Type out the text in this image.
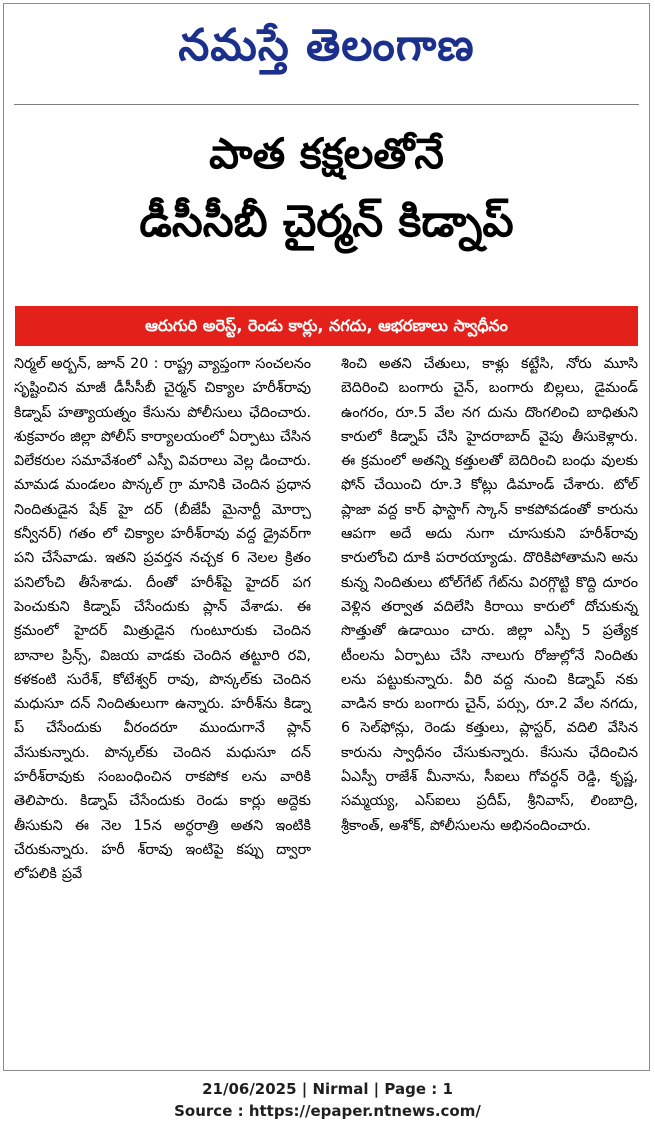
నమస్తే తెలంగాణ
పాత కక్షలతోనే
డీసీసీబీ చైర్మన్ కిడ్నాప్
ఆరుగురి అరెస్ట్, రెండు కార్లు, నగదు, ఆభరణాలు స్వాధీనం

నిర్మల్ అర్బన్, జూన్ 20 : రాష్ట్ర వ్యాప్తంగా సంచలనం సృష్టించిన మాజీ డీసీసీబీ చైర్మన్ చిక్యాల హరీశ్‌రావు కిడ్నాప్ హత్యాయత్నం కేసును పోలీసులు ఛేదించారు. శుక్రవారం జిల్లా పోలీస్ కార్యాలయంలో ఏర్పాటు చేసిన విలేకరుల సమావేశంలో ఎస్పీ వివరాలు వెల్ల డించారు. మామడ మండలం పొన్కల్ గ్రా మానికి చెందిన ప్రధాన నిందితుడైన షేక్ హై దర్ (బీజేపీ మైనార్టీ మోర్చా కన్వీనర్) గతం లో చిక్యాల హరీశ్‌రావు వద్ద డ్రైవర్‌గా పని చేసేవాడు. ఇతని ప్రవర్తన నచ్చక 6 నెలల క్రితం పనిలోంచి తీసేశాడు. దీంతో హరీశ్‌పై హైదర్ పగ పెంచుకుని కిడ్నాప్ చేసేందుకు ప్లాన్ వేశాడు. ఈ క్రమంలో హైదర్ మిత్రుడైన గుంటూరుకు చెందిన బానాల ప్రిన్స్, విజయ వాడకు చెందిన తట్టూరి రవి, కళకంటి సురేశ్, కోటేశ్వర్ రావు, పొన్కల్‌కు చెందిన మధుసూ దన్ నిందితులుగా ఉన్నారు. హరీశ్‌ను కిడ్నా ప్ చేసేందుకు వీరందరూ ముందుగానే ప్లాన్ వేసుకున్నారు. పొన్కల్‌కు చెందిన మధుసూ దన్ హరీశ్‌రావుకు సంబంధించిన రాకపోక లను వారికి తెలిపారు. కిడ్నాప్ చేసేందుకు రెండు కార్లు అద్దెకు తీసుకుని ఈ నెల 15న అర్ధరాత్రి అతని ఇంటికి చేరుకున్నారు. హరీ శ్‌రావు ఇంటిపై కప్పు ద్వారా లోపలికి ప్రవే

శించి అతని చేతులు, కాళ్లు కట్టేసి, నోరు మూసి బెదిరించి బంగారు చైన్, బంగారు బిల్లలు, డైమండ్ ఉంగరం, రూ.5 వేల నగ దును దొంగలించి బాధితుని కారులో కిడ్నాప్ చేసి హైదరాబాద్ వైపు తీసుకెళ్లారు. ఈ క్రమంలో అతన్ని కత్తులతో బెదిరించి బంధు వులకు ఫోన్ చేయించి రూ.3 కోట్లు డిమాండ్ చేశారు. టోల్ ప్లాజా వద్ద కార్ ఫాస్టాగ్ స్కాన్ కాకపోవడంతో కారును ఆపగా అదే అదు నుగా చూసుకుని హరీశ్‌రావు కారులోంచి దూకి పరారయ్యాడు. దొరికిపోతామని అను కున్న నిందితులు టోల్‌గేట్ గేట్‌ను విరగ్గొట్టి కొద్ది దూరం వెళ్లిన తర్వాత వదిలేసి కిరాయి కారులో దోచుకున్న సొత్తుతో ఉడాయిం చారు. జిల్లా ఎస్పీ 5 ప్రత్యేక టీంలను ఏర్పాటు చేసి నాలుగు రోజుల్లోనే నిందితు లను పట్టుకున్నారు. వీరి వద్ద నుంచి కిడ్నాప్ నకు వాడిన కారు బంగారు చైన్, పర్సు, రూ.2 వేల నగదు, 6 సెల్‌ఫోన్లు, రెండు కత్తులు, ప్లాస్టర్, వదిలి వేసిన కారును స్వాధీనం చేసుకున్నారు. కేసును ఛేదించిన ఏఎస్పీ రాజేశ్ మీనాను, సీఐలు గోవర్ధన్ రెడ్డి, కృష్ణ, సమ్మయ్య, ఎస్ఐలు ప్రదీప్, శ్రీనివాస్, లింబాద్రి, శ్రీకాంత్, అశోక్, పోలీసులను అభినందించారు.

21/06/2025 | Nirmal | Page : 1
Source : https://epaper.ntnews.com/
